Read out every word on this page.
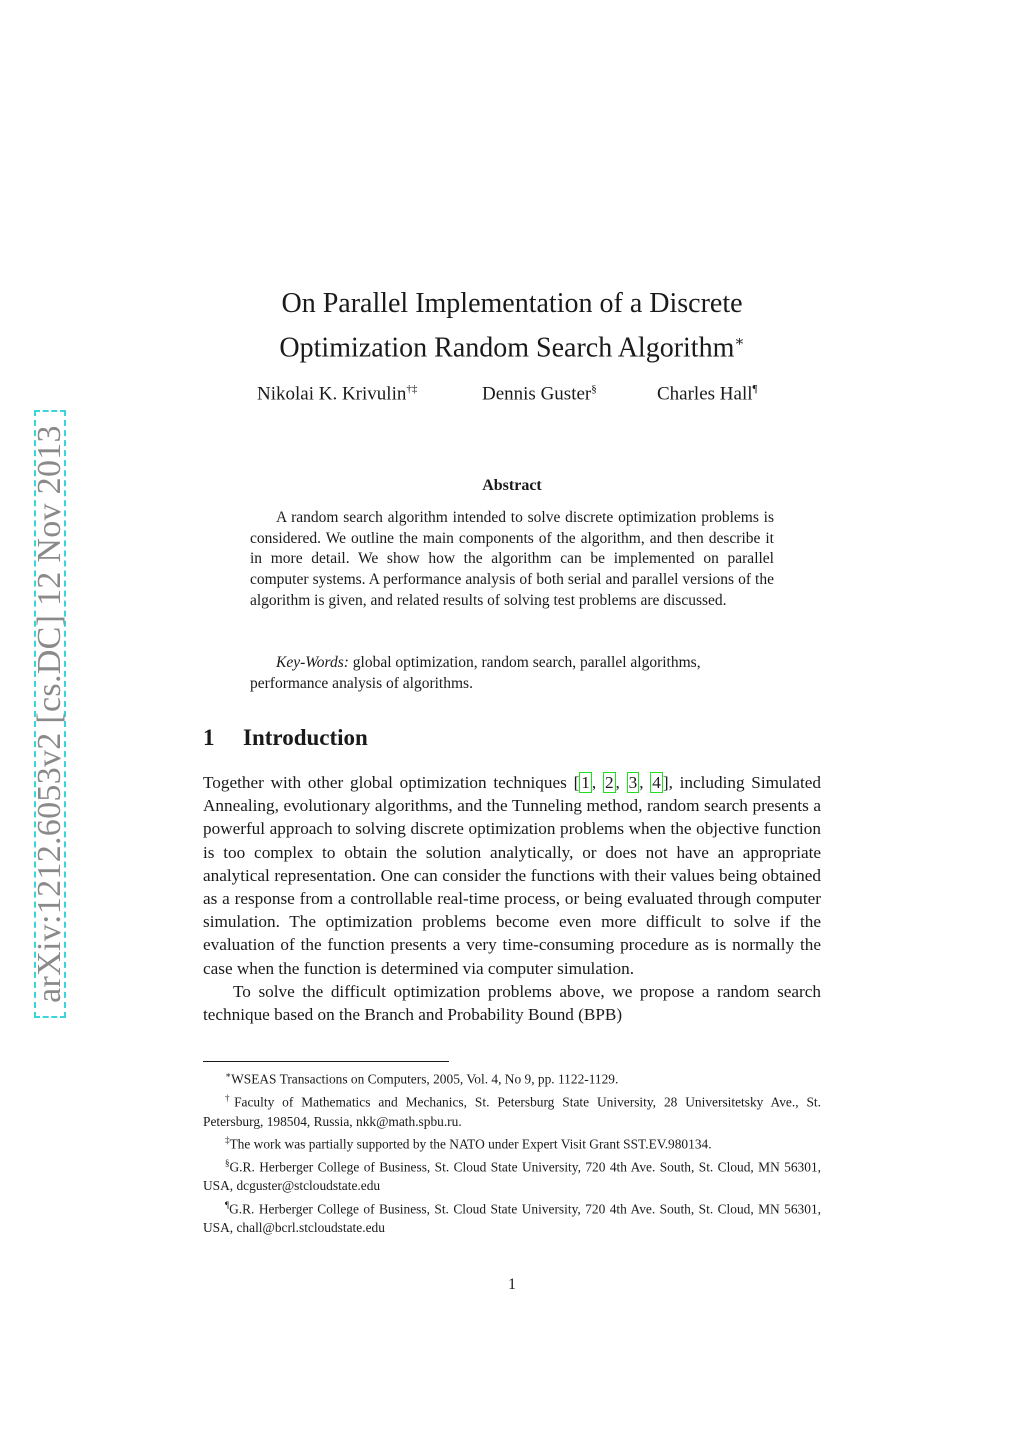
arXiv:1212.6053v2 [cs.DC] 12 Nov 2013
On Parallel Implementation of a Discrete
Optimization Random Search Algorithm∗
Nikolai K. Krivulin†‡	Dennis Guster§	Charles Hall¶
Abstract

A random search algorithm intended to solve discrete optimization problems is considered. We outline the main components of the algorithm, and then describe it in more detail. We show how the algorithm can be implemented on parallel computer systems. A performance analysis of both serial and parallel versions of the algorithm is given, and related results of solving test problems are discussed.

Key-Words: global optimization, random search, parallel algorithms, performance analysis of algorithms.

1 Introduction

Together with other global optimization techniques [ 1 , 2 , 3 , 4 ], including Simulated Annealing, evolutionary algorithms, and the Tunneling method, random search presents a powerful approach to solving discrete optimization problems when the objective function is too complex to obtain the solution analytically, or does not have an appropriate analytical representation. One can consider the functions with their values being obtained as a response from a controllable real-time process, or being evaluated through computer simulation. The optimization problems become even more difficult to solve if the evaluation of the function presents a very time-consuming procedure as is normally the case when the function is determined via computer simulation.

To solve the difficult optimization problems above, we propose a random search technique based on the Branch and Probability Bound (BPB)

∗WSEAS Transactions on Computers, 2005, Vol. 4, No 9, pp. 1122-1129.

†Faculty of Mathematics and Mechanics, St. Petersburg State University, 28 Universitetsky Ave., St. Petersburg, 198504, Russia, nkk@math.spbu.ru.

‡The work was partially supported by the NATO under Expert Visit Grant SST.EV.980134.

§G.R. Herberger College of Business, St. Cloud State University, 720 4th Ave. South, St. Cloud, MN 56301, USA, dcguster@stcloudstate.edu

¶G.R. Herberger College of Business, St. Cloud State University, 720 4th Ave. South, St. Cloud, MN 56301, USA, chall@bcrl.stcloudstate.edu

1
